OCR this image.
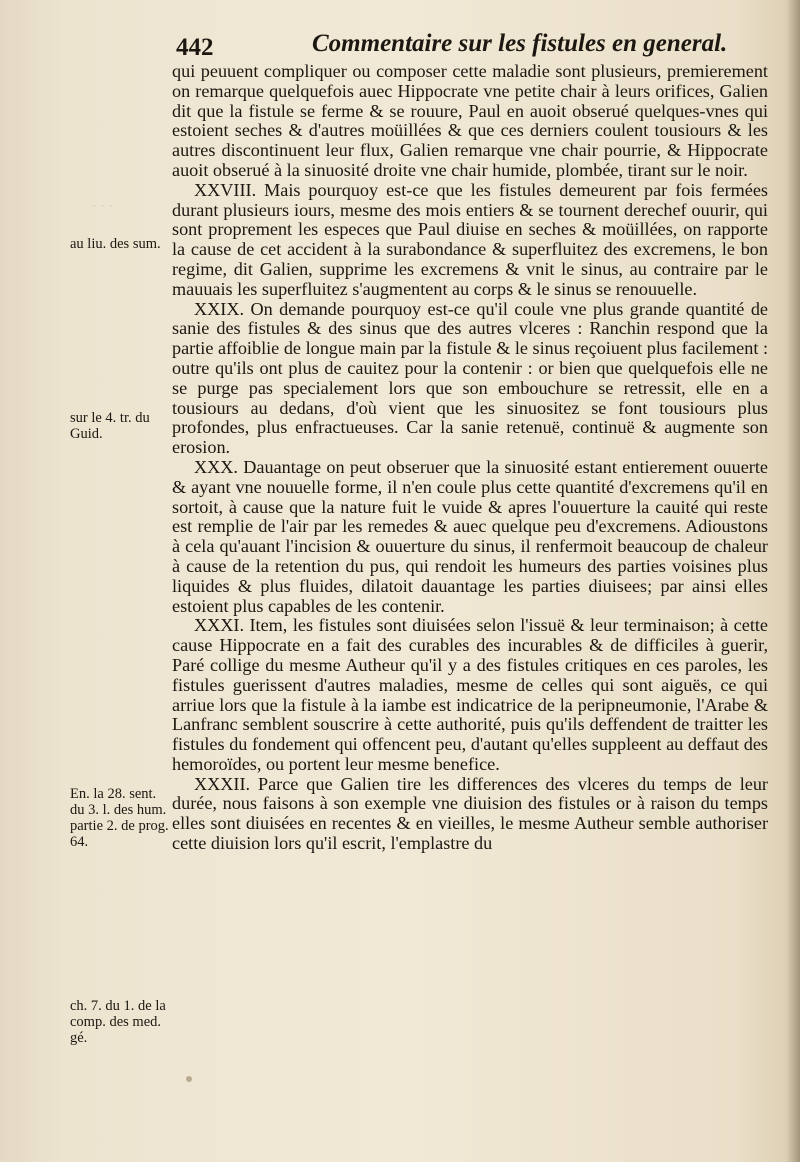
· · ·
442	Commentaire sur les fistules en general.
au liu. des sum.
sur le 4. tr. du Guid.
En. la 28. sent. du 3. l. des hum. partie 2. de prog. 64.
ch. 7. du 1. de la comp. des med. gé.

qui peuuent compliquer ou composer cette maladie sont plusieurs, premierement on remarque quelquefois auec Hippocrate vne petite chair à leurs orifices, Galien dit que la fistule se ferme & se rouure, Paul en auoit obserué quelques-vnes qui estoient seches & d'autres moüillées & que ces derniers coulent tousiours & les autres discontinuent leur flux, Galien remarque vne chair pourrie, & Hippocrate auoit obserué à la sinuosité droite vne chair humide, plombée, tirant sur le noir.

XXVIII. Mais pourquoy est-ce que les fistules demeurent par fois fermées durant plusieurs iours, mesme des mois entiers & se tournent derechef ouurir, qui sont proprement les especes que Paul diuise en seches & moüillées, on rapporte la cause de cet accident à la surabondance & superfluitez des excremens, le bon regime, dit Galien, supprime les excremens & vnit le sinus, au contraire par le mauuais les superfluitez s'augmentent au corps & le sinus se renouuelle.

XXIX. On demande pourquoy est-ce qu'il coule vne plus grande quantité de sanie des fistules & des sinus que des autres vlceres : Ranchin respond que la partie affoiblie de longue main par la fistule & le sinus reçoiuent plus facilement : outre qu'ils ont plus de cauitez pour la contenir : or bien que quelquefois elle ne se purge pas specialement lors que son embouchure se retressit, elle en a tousiours au dedans, d'où vient que les sinuositez se font tousiours plus profondes, plus enfractueuses. Car la sanie retenuë, continuë & augmente son erosion.

XXX. Dauantage on peut obseruer que la sinuosité estant entierement ouuerte & ayant vne nouuelle forme, il n'en coule plus cette quantité d'excremens qu'il en sortoit, à cause que la nature fuit le vuide & apres l'ouuerture la cauité qui reste est remplie de l'air par les remedes & auec quelque peu d'excremens. Adioustons à cela qu'auant l'incision & ouuerture du sinus, il renfermoit beaucoup de chaleur à cause de la retention du pus, qui rendoit les humeurs des parties voisines plus liquides & plus fluides, dilatoit dauantage les parties diuisees; par ainsi elles estoient plus capables de les contenir.

XXXI. Item, les fistules sont diuisées selon l'issuë & leur terminaison; à cette cause Hippocrate en a fait des curables des incurables & de difficiles à guerir, Paré collige du mesme Autheur qu'il y a des fistules critiques en ces paroles, les fistules guerissent d'autres maladies, mesme de celles qui sont aiguës, ce qui arriue lors que la fistule à la iambe est indicatrice de la peripneumonie, l'Arabe & Lanfranc semblent souscrire à cette authorité, puis qu'ils deffendent de traitter les fistules du fondement qui offencent peu, d'autant qu'elles suppleent au deffaut des hemoroïdes, ou portent leur mesme benefice.

XXXII. Parce que Galien tire les differences des vlceres du temps de leur durée, nous faisons à son exemple vne diuision des fistules or à raison du temps elles sont diuisées en recentes & en vieilles, le mesme Autheur semble authoriser cette diuision lors qu'il escrit, l'emplastre du
